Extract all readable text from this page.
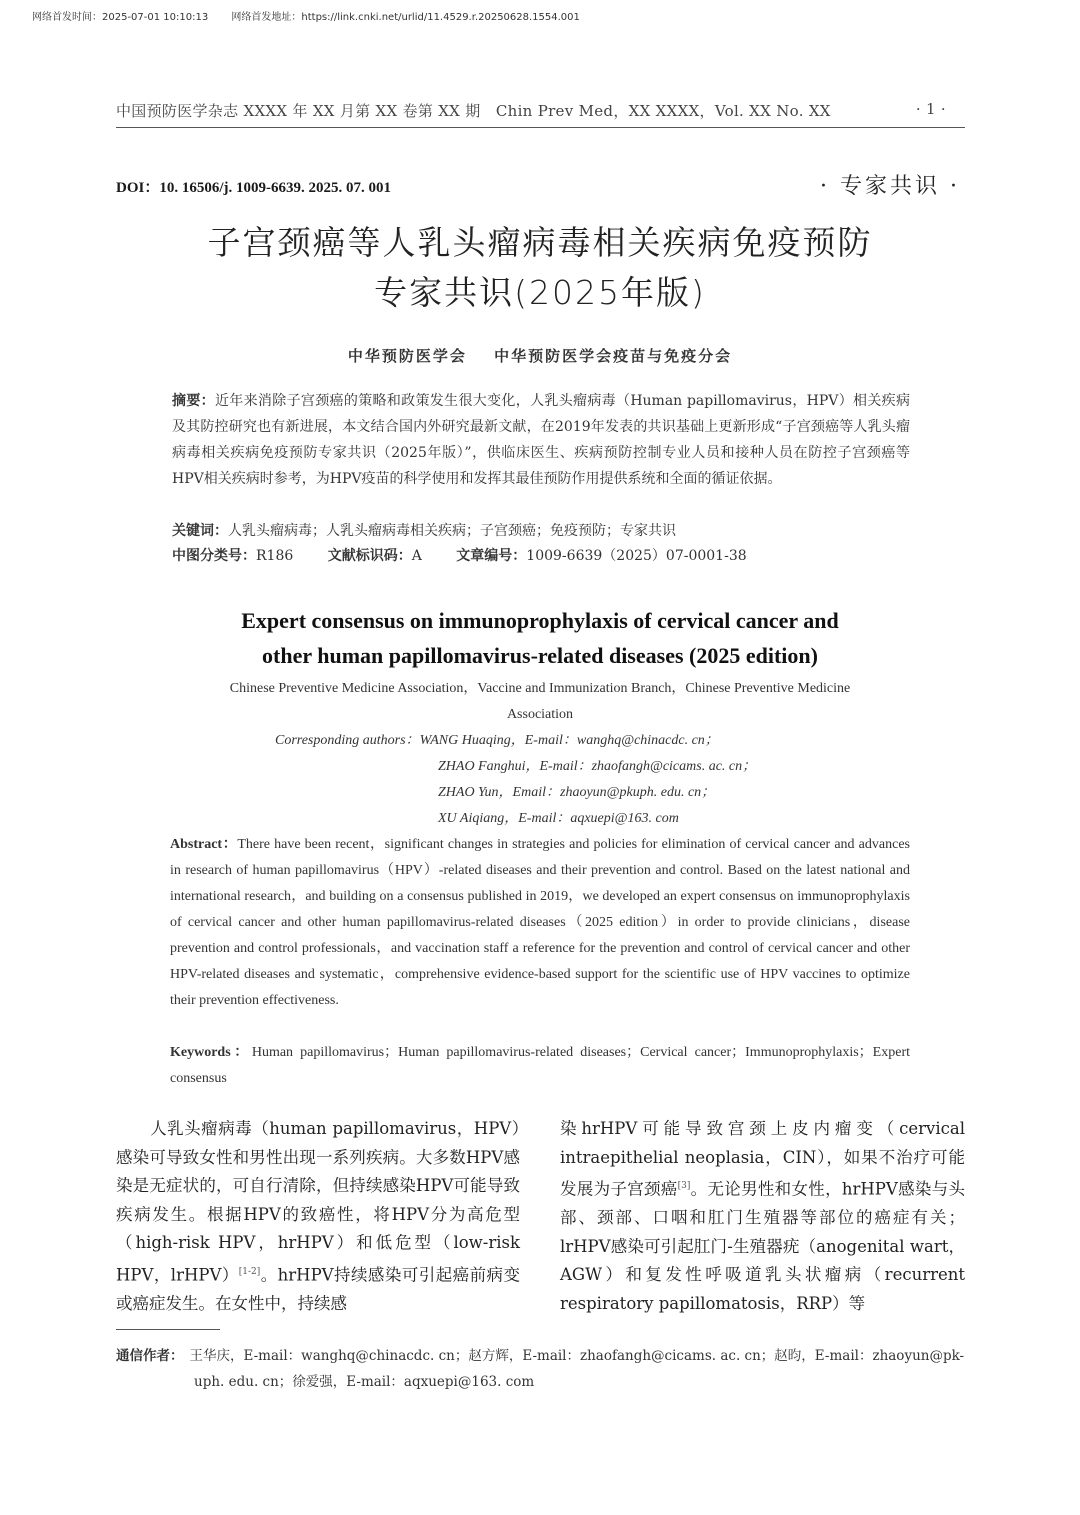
网络首发时间：2025-07-01 10:10:13 网络首发地址：https://link.cnki.net/urlid/11.4529.r.20250628.1554.001
中国预防医学杂志 XXXX 年 XX 月第 XX 卷第 XX 期　Chin Prev Med，XX XXXX，Vol. XX No. XX	· 1 ·
DOI：10. 16506/j. 1009-6639. 2025. 07. 001	· 专家共识 ·
子宫颈癌等人乳头瘤病毒相关疾病免疫预防
专家共识(2025年版)
中华预防医学会 中华预防医学会疫苗与免疫分会
摘要：近年来消除子宫颈癌的策略和政策发生很大变化，人乳头瘤病毒（Human papillomavirus，HPV）相关疾病及其防控研究也有新进展，本文结合国内外研究最新文献，在2019年发表的共识基础上更新形成“子宫颈癌等人乳头瘤病毒相关疾病免疫预防专家共识（2025年版）”，供临床医生、疾病预防控制专业人员和接种人员在防控子宫颈癌等HPV相关疾病时参考，为HPV疫苗的科学使用和发挥其最佳预防作用提供系统和全面的循证依据。
关键词：人乳头瘤病毒；人乳头瘤病毒相关疾病；子宫颈癌；免疫预防；专家共识
中图分类号：R186 文献标识码：A 文章编号：1009-6639（2025）07-0001-38
Expert consensus on immunoprophylaxis of cervical cancer and
other human papillomavirus-related diseases (2025 edition)
Chinese Preventive Medicine Association，Vaccine and Immunization Branch，Chinese Preventive Medicine Association
Corresponding authors：WANG Huaqing，E-mail：wanghq@chinacdc. cn；
ZHAO Fanghui，E-mail：zhaofangh@cicams. ac. cn；
ZHAO Yun，Email：zhaoyun@pkuph. edu. cn；
XU Aiqiang，E-mail：aqxuepi@163. com
Abstract：There have been recent，significant changes in strategies and policies for elimination of cervical cancer and advances in research of human papillomavirus（HPV）-related diseases and their prevention and control. Based on the latest national and international research，and building on a consensus published in 2019，we developed an expert consensus on immunoprophylaxis of cervical cancer and other human papillomavirus-related diseases（2025 edition）in order to provide clinicians，disease prevention and control professionals，and vaccination staff a reference for the prevention and control of cervical cancer and other HPV-related diseases and systematic，comprehensive evidence-based support for the scientific use of HPV vaccines to optimize their prevention effectiveness.
Keywords：Human papillomavirus；Human papillomavirus-related diseases；Cervical cancer；Immunoprophylaxis；Expert consensus
　　人乳头瘤病毒（human papillomavirus，HPV）感染可导致女性和男性出现一系列疾病。大多数HPV感染是无症状的，可自行清除，但持续感染HPV可能导致疾病发生。根据HPV的致癌性，将HPV分为高危型（high-risk HPV，hrHPV）和低危型（low-risk HPV，lrHPV）[1-2]。hrHPV持续感染可引起癌前病变或癌症发生。在女性中，持续感
染hrHPV可能导致宫颈上皮内瘤变（cervical intraepithelial neoplasia，CIN），如果不治疗可能发展为子宫颈癌[3]。无论男性和女性，hrHPV感染与头部、颈部、口咽和肛门生殖器等部位的癌症有关；lrHPV感染可引起肛门-生殖器疣（anogenital wart，AGW）和复发性呼吸道乳头状瘤病（recurrent respiratory papillomatosis，RRP）等
通信作者： 王华庆，E-mail：wanghq@chinacdc. cn；赵方辉，E-mail：zhaofangh@cicams. ac. cn；赵昀，E-mail：zhaoyun@pk-
uph. edu. cn；徐爱强，E-mail：aqxuepi@163. com
